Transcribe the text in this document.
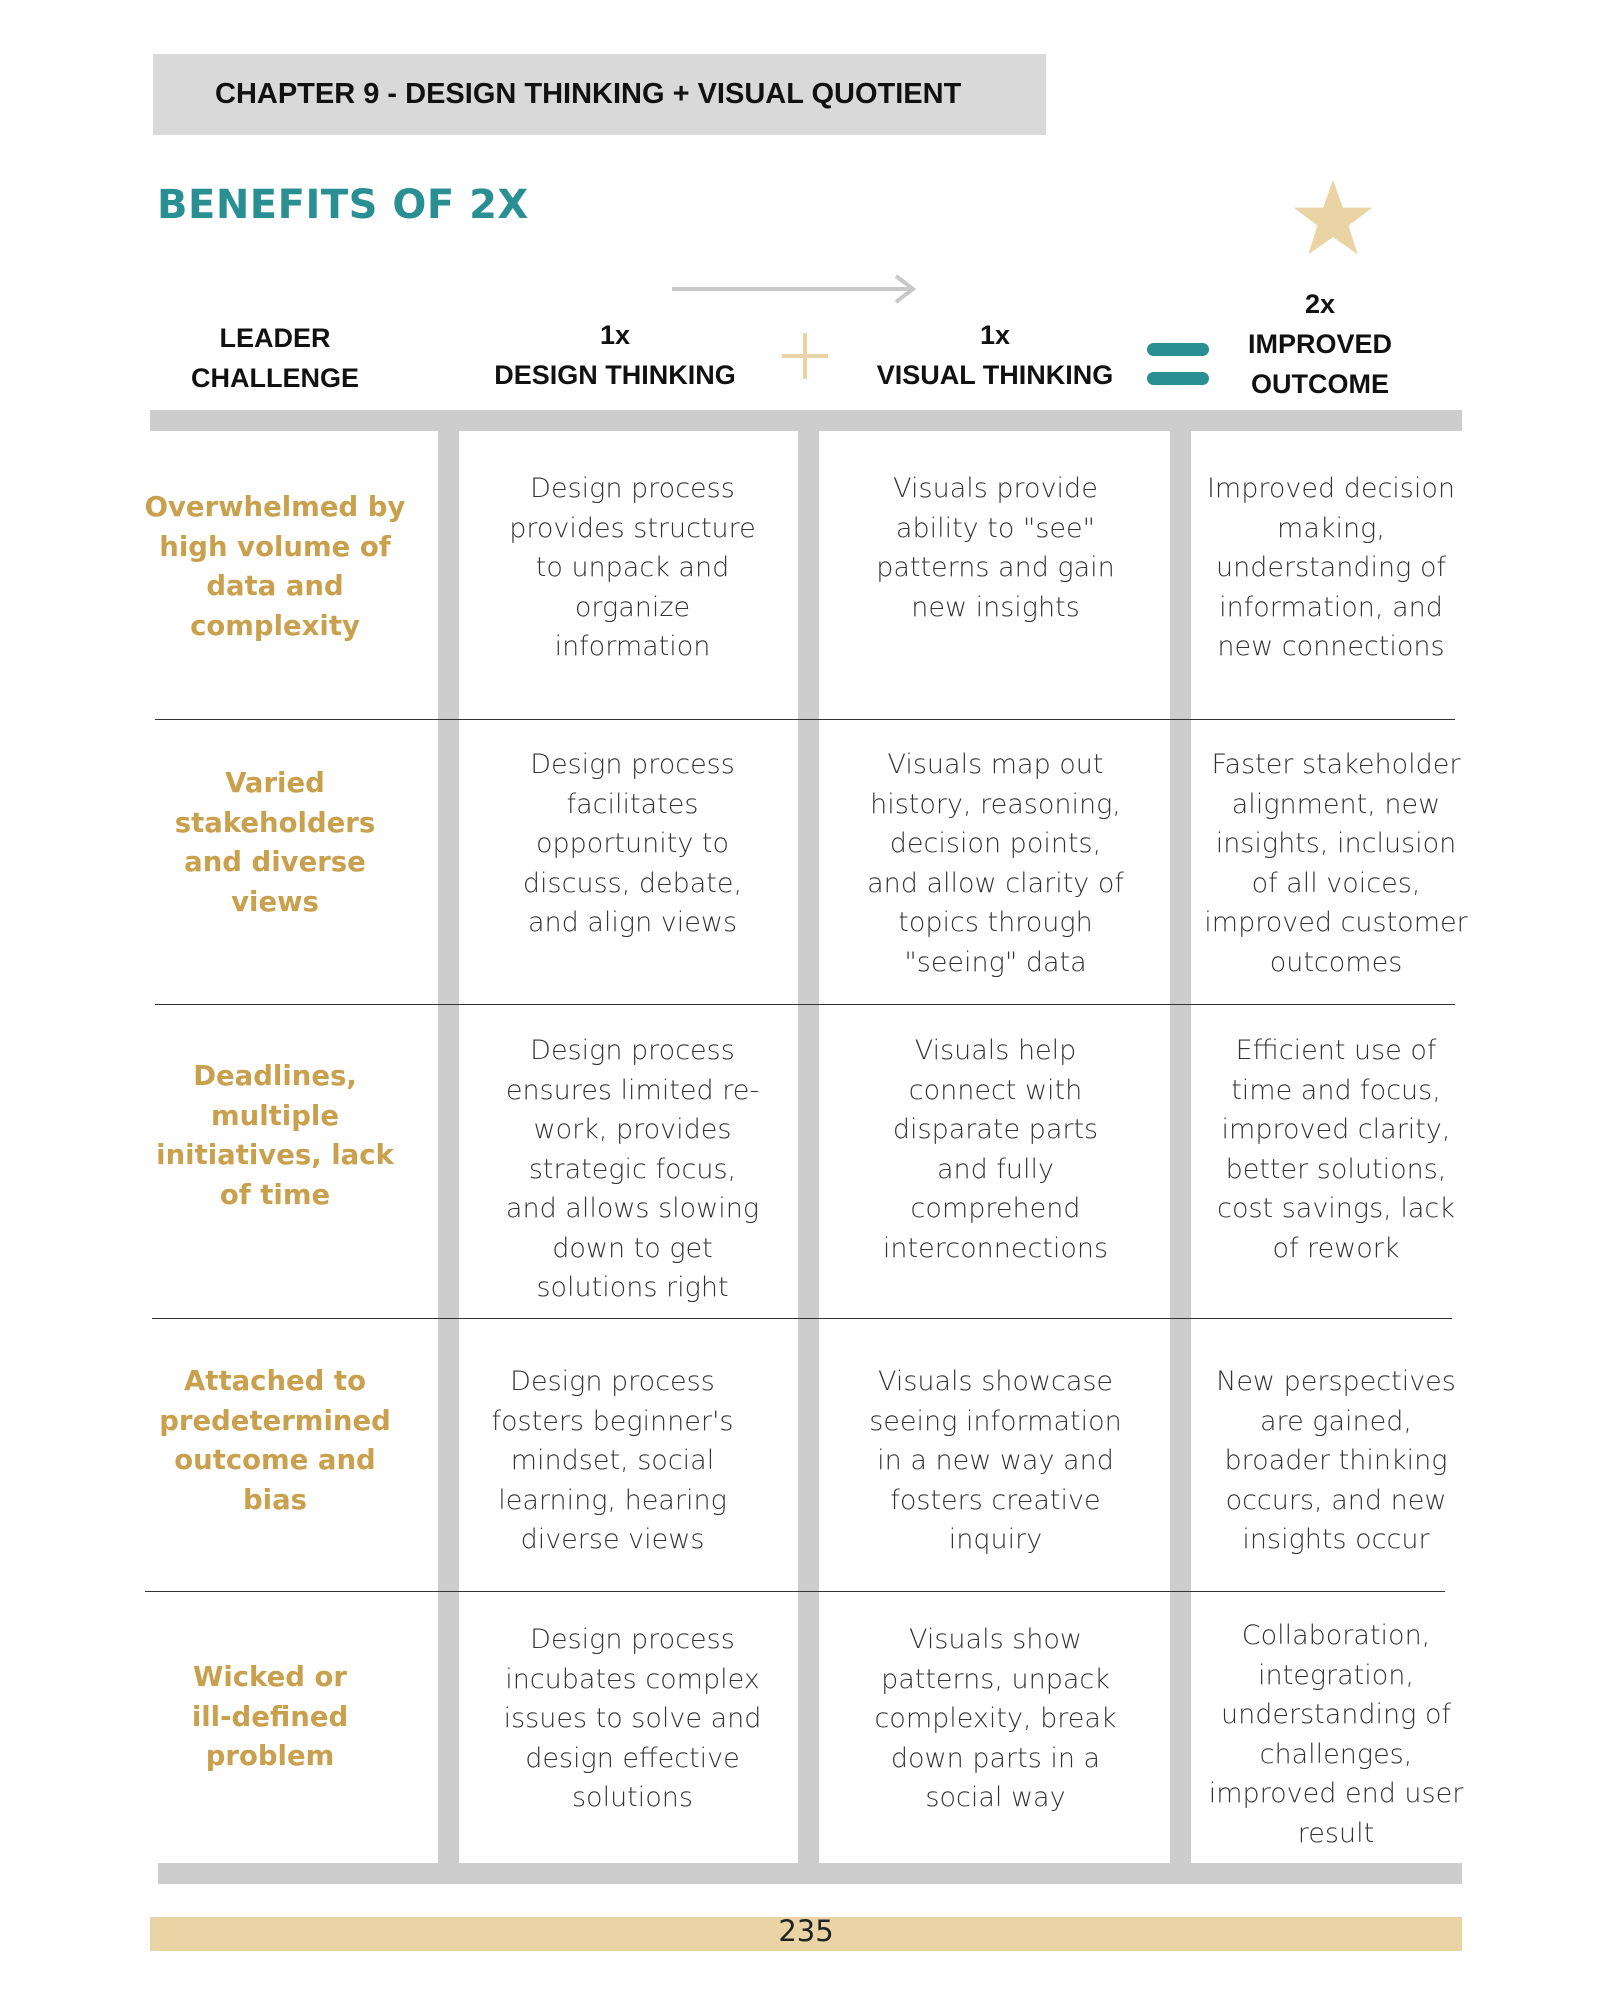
CHAPTER 9 - DESIGN THINKING + VISUAL QUOTIENT
BENEFITS OF 2X
LEADER
CHALLENGE
1x
DESIGN THINKING
1x
VISUAL THINKING
2x
IMPROVED
OUTCOME
Overwhelmed by
high volume of
data and
complexity
Design process
provides structure
to unpack and
organize
information
Visuals provide
ability to "see"
patterns and gain
new insights
Improved decision
making,
understanding of
information, and
new connections
Varied
stakeholders
and diverse
views
Design process
facilitates
opportunity to
discuss, debate,
and align views
Visuals map out
history, reasoning,
decision points,
and allow clarity of
topics through
"seeing" data
Faster stakeholder
alignment, new
insights, inclusion
of all voices,
improved customer
outcomes
Deadlines,
multiple
initiatives, lack
of time
Design process
ensures limited re-
work, provides
strategic focus,
and allows slowing
down to get
solutions right
Visuals help
connect with
disparate parts
and fully
comprehend
interconnections
Efficient use of
time and focus,
improved clarity,
better solutions,
cost savings, lack
of rework
Attached to
predetermined
outcome and
bias
Design process
fosters beginner's
mindset, social
learning, hearing
diverse views
Visuals showcase
seeing information
in a new way and
fosters creative
inquiry
New perspectives
are gained,
broader thinking
occurs, and new
insights occur
Wicked or
ill-defined
problem
Design process
incubates complex
issues to solve and
design effective
solutions
Visuals show
patterns, unpack
complexity, break
down parts in a
social way
Collaboration,
integration,
understanding of
challenges,
improved end user
result
235
